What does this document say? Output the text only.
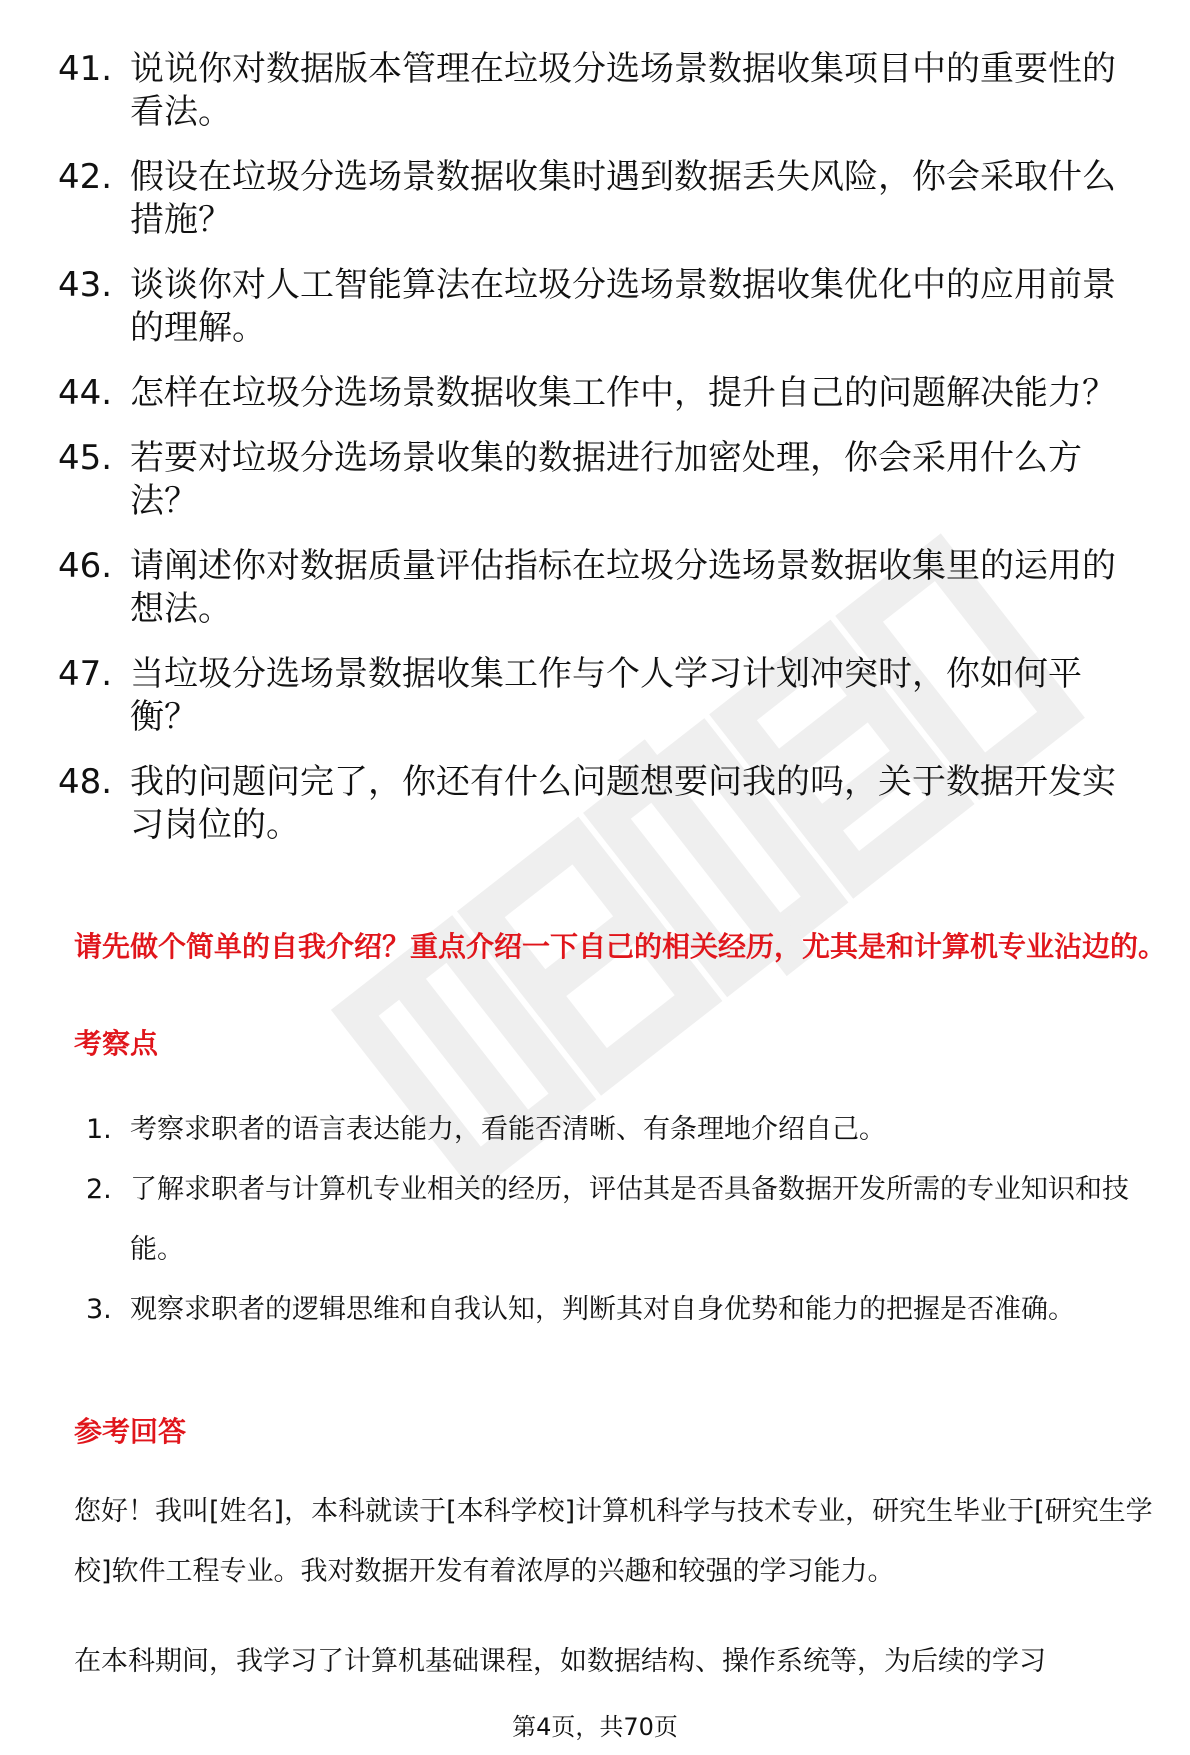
41. 说说你对数据版本管理在垃圾分选场景数据收集项目中的重要性的看法。
42. 假设在垃圾分选场景数据收集时遇到数据丢失风险，你会采取什么措施？
43. 谈谈你对人工智能算法在垃圾分选场景数据收集优化中的应用前景的理解。
44. 怎样在垃圾分选场景数据收集工作中，提升自己的问题解决能力？
45. 若要对垃圾分选场景收集的数据进行加密处理，你会采用什么方法？
46. 请阐述你对数据质量评估指标在垃圾分选场景数据收集里的运用的想法。
47. 当垃圾分选场景数据收集工作与个人学习计划冲突时，你如何平衡？
48. 我的问题问完了，你还有什么问题想要问我的吗，关于数据开发实习岗位的。

请先做个简单的自我介绍？重点介绍一下自己的相关经历，尤其是和计算机专业沾边的。

考察点
1. 考察求职者的语言表达能力，看能否清晰、有条理地介绍自己。
2. 了解求职者与计算机专业相关的经历，评估其是否具备数据开发所需的专业知识和技能。
3. 观察求职者的逻辑思维和自我认知，判断其对自身优势和能力的把握是否准确。
参考回答

您好！我叫[姓名]，本科就读于[本科学校]计算机科学与技术专业，研究生毕业于[研究生学校]软件工程专业。我对数据开发有着浓厚的兴趣和较强的学习能力。

在本科期间，我学习了计算机基础课程，如数据结构、操作系统等，为后续的学习

第4页，共70页
